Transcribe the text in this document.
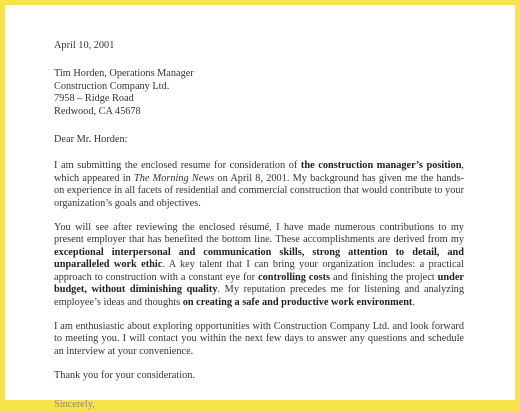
April 10, 2001
Tim Horden, Operations Manager
Construction Company Ltd.
7958 – Ridge Road
Redwood, CA 45678
Dear Mr. Horden:

I am submitting the enclosed resume for consideration of the construction manager’s position, which appeared in The Morning News on April 8, 2001. My background has given me the hands-on experience in all facets of residential and commercial construction that would contribute to your organization’s goals and objectives.

You will see after reviewing the enclosed résumé, I have made numerous contributions to my present employer that has benefited the bottom line. These accomplishments are derived from my exceptional interpersonal and communication skills, strong attention to detail, and unparalleled work ethic. A key talent that I can bring your organization includes: a practical approach to construction with a constant eye for controlling costs and finishing the project under budget, without diminishing quality. My reputation precedes me for listening and analyzing employee’s ideas and thoughts on creating a safe and productive work environment.

I am enthusiastic about exploring opportunities with Construction Company Ltd. and look forward to meeting you. I will contact you within the next few days to answer any questions and schedule an interview at your convenience.

Thank you for your consideration.
Sincerely,
